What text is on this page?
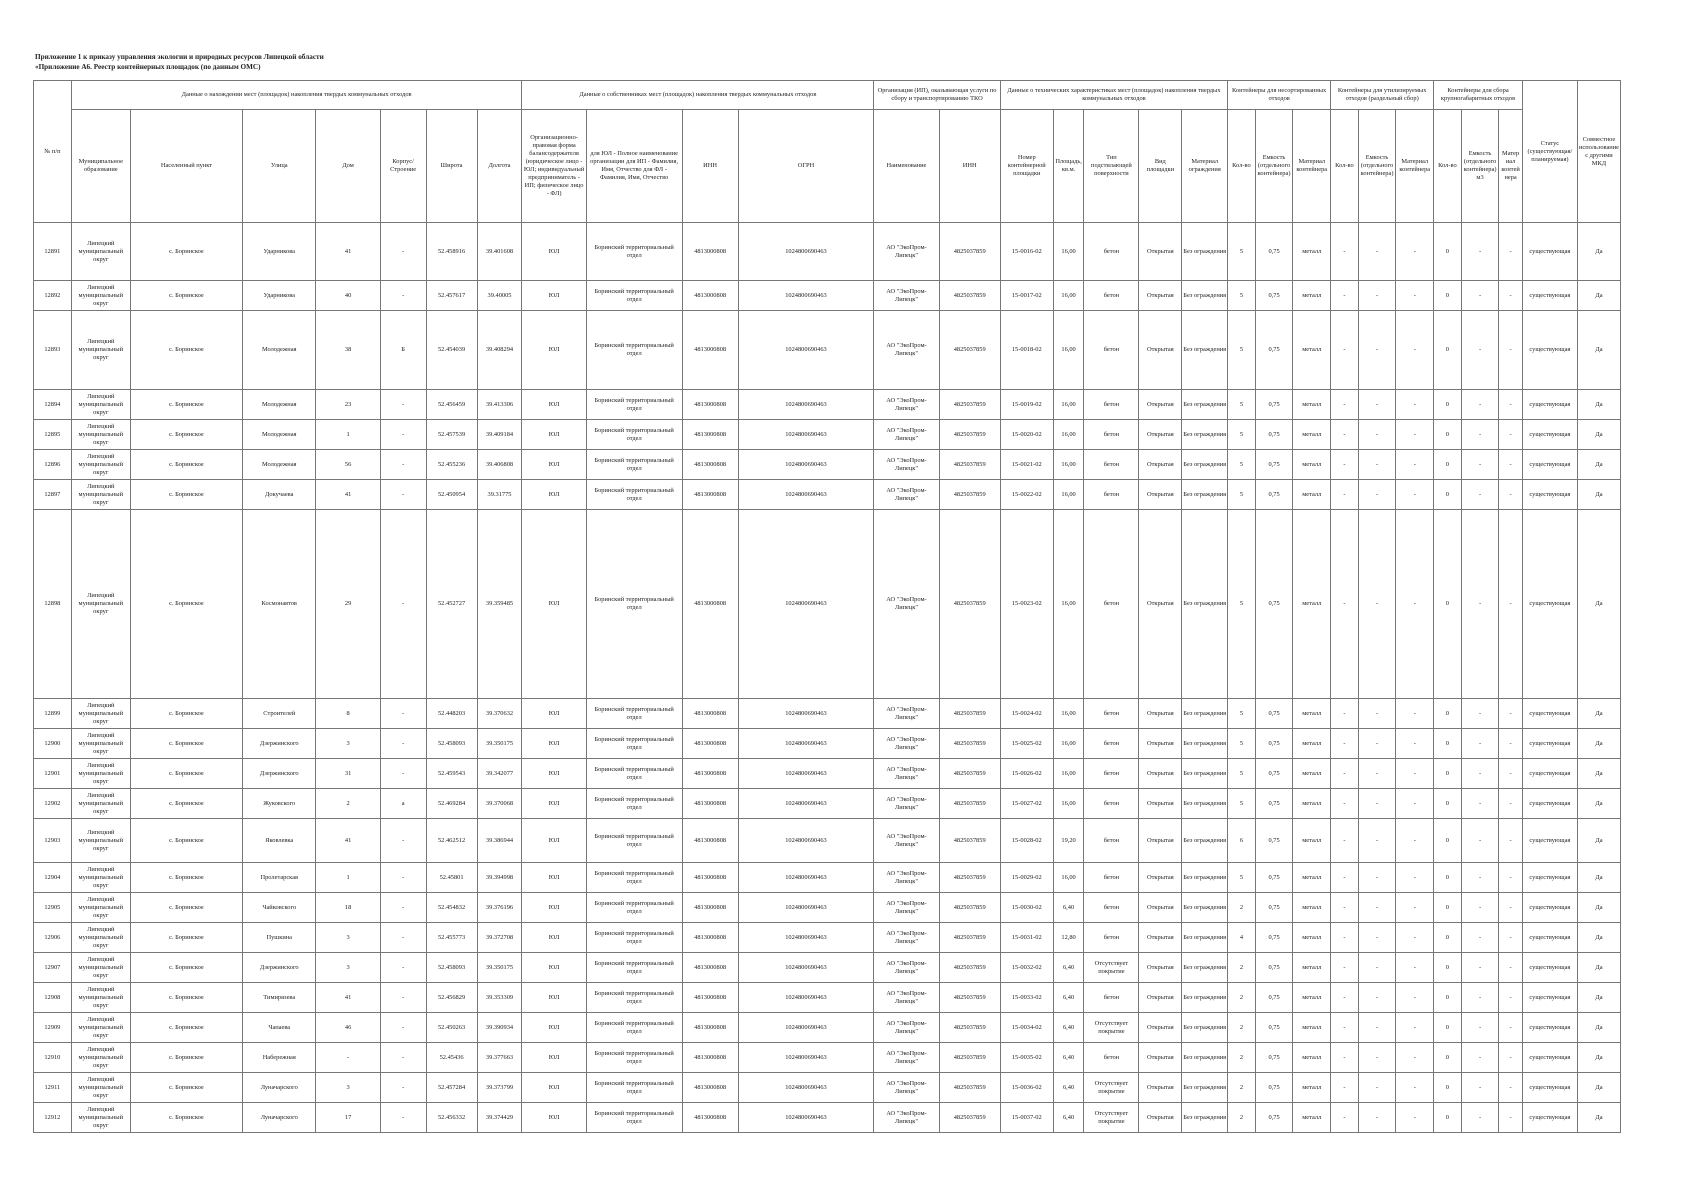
Приложение 1 к приказу управления экологии и природных ресурсов Липецкой области
«Приложение А6. Реестр контейнерных площадок (по данным ОМС)
№ п/п	Данные о нахождении мест (площадок) накопления твердых коммунальных отходов							Данные о собственниках мест (площадок) накопления твердых коммунальных отходов				Организация (ИП), оказывающая услуги по сбору и транспортированию ТКО		Данные о технических характеристиках мест (площадок) накопления твердых коммунальных отходов					Контейнеры для несортированных отходов			Контейнеры для утилизируемых отходов (раздельный сбор)			Контейнеры для сбора крупногабаритных отходов			Статус (существующая/ планируемая)	Совместное использование с другими МКД
	Муниципальное образование	Населенный пункт	Улица	Дом	Корпус/Строение	Широта	Долгота	Организационно-правовая форма балансодержателя (юридическое лицо - ЮЛ; индивидуальный предприниматель - ИП; физическое лицо - ФЛ)	для ЮЛ - Полное наименование организации для ИП - Фамилия, Имя, Отчество для ФЛ - Фамилия, Имя, Отчество	ИНН	ОГРН	Наименование	ИНН	Номер контейнерной площадки	Площадь, кв.м.	Тип подстилающей поверхности	Вид площадки	Материал ограждения	Кол-во	Емкость (отдельного контейнера)	Материал контейнера	Кол-во	Емкость (отдельного контейнера)	Материал контейнера	Кол-во	Емкость (отдельного контейнера) м3	Материал контейнера		
12891	Липецкий муниципальный округ	с. Боринское	Ударникова	41	-	52.458916	39.401608	ЮЛ	Боринский территориальный отдел	4813000808	1024800690463	АО "ЭкоПром-Липецк"	4825037859	15-0016-02	16,00	бетон	Открытая	Без ограждения	5	0,75	металл	-	-	-	0	-	-	существующая	Да
12892	Липецкий муниципальный округ	с. Боринское	Ударникова	40	-	52.457617	39.40005	ЮЛ	Боринский территориальный отдел	4813000808	1024800690463	АО "ЭкоПром-Липецк"	4825037859	15-0017-02	16,00	бетон	Открытая	Без ограждения	5	0,75	металл	-	-	-	0	-	-	существующая	Да
12893	Липецкий муниципальный округ	с. Боринское	Молодежная	38	Б	52.454039	39.408294	ЮЛ	Боринский территориальный отдел	4813000808	1024800690463	АО "ЭкоПром-Липецк"	4825037859	15-0018-02	16,00	бетон	Открытая	Без ограждения	5	0,75	металл	-	-	-	0	-	-	существующая	Да
12894	Липецкий муниципальный округ	с. Боринское	Молодежная	23	-	52.456459	39.413306	ЮЛ	Боринский территориальный отдел	4813000808	1024800690463	АО "ЭкоПром-Липецк"	4825037859	15-0019-02	16,00	бетон	Открытая	Без ограждения	5	0,75	металл	-	-	-	0	-	-	существующая	Да
12895	Липецкий муниципальный округ	с. Боринское	Молодежная	1	-	52.457539	39.409184	ЮЛ	Боринский территориальный отдел	4813000808	1024800690463	АО "ЭкоПром-Липецк"	4825037859	15-0020-02	16,00	бетон	Открытая	Без ограждения	5	0,75	металл	-	-	-	0	-	-	существующая	Да
12896	Липецкий муниципальный округ	с. Боринское	Молодежная	56	-	52.455236	39.406808	ЮЛ	Боринский территориальный отдел	4813000808	1024800690463	АО "ЭкоПром-Липецк"	4825037859	15-0021-02	16,00	бетон	Открытая	Без ограждения	5	0,75	металл	-	-	-	0	-	-	существующая	Да
12897	Липецкий муниципальный округ	с. Боринское	Докучаева	41	-	52.450954	39.31775	ЮЛ	Боринский территориальный отдел	4813000808	1024800690463	АО "ЭкоПром-Липецк"	4825037859	15-0022-02	16,00	бетон	Открытая	Без ограждения	5	0,75	металл	-	-	-	0	-	-	существующая	Да
12898	Липецкий муниципальный округ	с. Боринское	Космонавтов	29	-	52.452727	39.359485	ЮЛ	Боринский территориальный отдел	4813000808	1024800690463	АО "ЭкоПром-Липецк"	4825037859	15-0023-02	16,00	бетон	Открытая	Без ограждения	5	0,75	металл	-	-	-	0	-	-	существующая	Да
12899	Липецкий муниципальный округ	с. Боринское	Строителей	8	-	52.448203	39.370632	ЮЛ	Боринский территориальный отдел	4813000808	1024800690463	АО "ЭкоПром-Липецк"	4825037859	15-0024-02	16,00	бетон	Открытая	Без ограждения	5	0,75	металл	-	-	-	0	-	-	существующая	Да
12900	Липецкий муниципальный округ	с. Боринское	Дзержинского	3	-	52.458093	39.350175	ЮЛ	Боринский территориальный отдел	4813000808	1024800690463	АО "ЭкоПром-Липецк"	4825037859	15-0025-02	16,00	бетон	Открытая	Без ограждения	5	0,75	металл	-	-	-	0	-	-	существующая	Да
12901	Липецкий муниципальный округ	с. Боринское	Дзержинского	31	-	52.459543	39.342077	ЮЛ	Боринский территориальный отдел	4813000808	1024800690463	АО "ЭкоПром-Липецк"	4825037859	15-0026-02	16,00	бетон	Открытая	Без ограждения	5	0,75	металл	-	-	-	0	-	-	существующая	Да
12902	Липецкий муниципальный округ	с. Боринское	Жуковского	2	а	52.469284	39.370068	ЮЛ	Боринский территориальный отдел	4813000808	1024800690463	АО "ЭкоПром-Липецк"	4825037859	15-0027-02	16,00	бетон	Открытая	Без ограждения	5	0,75	металл	-	-	-	0	-	-	существующая	Да
12903	Липецкий муниципальный округ	с. Боринское	Яковлевка	41	-	52.462512	39.386944	ЮЛ	Боринский территориальный отдел	4813000808	1024800690463	АО "ЭкоПром-Липецк"	4825037859	15-0028-02	19,20	бетон	Открытая	Без ограждения	6	0,75	металл	-	-	-	0	-	-	существующая	Да
12904	Липецкий муниципальный округ	с. Боринское	Пролетарская	1	-	52.45801	39.394998	ЮЛ	Боринский территориальный отдел	4813000808	1024800690463	АО "ЭкоПром-Липецк"	4825037859	15-0029-02	16,00	бетон	Открытая	Без ограждения	5	0,75	металл	-	-	-	0	-	-	существующая	Да
12905	Липецкий муниципальный округ	с. Боринское	Чайковского	18	-	52.454832	39.376196	ЮЛ	Боринский территориальный отдел	4813000808	1024800690463	АО "ЭкоПром-Липецк"	4825037859	15-0030-02	6,40	бетон	Открытая	Без ограждения	2	0,75	металл	-	-	-	0	-	-	существующая	Да
12906	Липецкий муниципальный округ	с. Боринское	Пушкина	3	-	52.455773	39.372708	ЮЛ	Боринский территориальный отдел	4813000808	1024800690463	АО "ЭкоПром-Липецк"	4825037859	15-0031-02	12,80	бетон	Открытая	Без ограждения	4	0,75	металл	-	-	-	0	-	-	существующая	Да
12907	Липецкий муниципальный округ	с. Боринское	Дзержинского	3	-	52.458093	39.350175	ЮЛ	Боринский территориальный отдел	4813000808	1024800690463	АО "ЭкоПром-Липецк"	4825037859	15-0032-02	6,40	Отсутствует покрытие	Открытая	Без ограждения	2	0,75	металл	-	-	-	0	-	-	существующая	Да
12908	Липецкий муниципальный округ	с. Боринское	Тимирязева	41	-	52.456829	39.353309	ЮЛ	Боринский территориальный отдел	4813000808	1024800690463	АО "ЭкоПром-Липецк"	4825037859	15-0033-02	6,40	бетон	Открытая	Без ограждения	2	0,75	металл	-	-	-	0	-	-	существующая	Да
12909	Липецкий муниципальный округ	с. Боринское	Чапаева	46	-	52.450263	39.390934	ЮЛ	Боринский территориальный отдел	4813000808	1024800690463	АО "ЭкоПром-Липецк"	4825037859	15-0034-02	6,40	Отсутствует покрытие	Открытая	Без ограждения	2	0,75	металл	-	-	-	0	-	-	существующая	Да
12910	Липецкий муниципальный округ	с. Боринское	Набережная	-	-	52.45436	39.377663	ЮЛ	Боринский территориальный отдел	4813000808	1024800690463	АО "ЭкоПром-Липецк"	4825037859	15-0035-02	6,40	бетон	Открытая	Без ограждения	2	0,75	металл	-	-	-	0	-	-	существующая	Да
12911	Липецкий муниципальный округ	с. Боринское	Луначарского	3	-	52.457284	39.373799	ЮЛ	Боринский территориальный отдел	4813000808	1024800690463	АО "ЭкоПром-Липецк"	4825037859	15-0036-02	6,40	Отсутствует покрытие	Открытая	Без ограждения	2	0,75	металл	-	-	-	0	-	-	существующая	Да
12912	Липецкий муниципальный округ	с. Боринское	Луначарского	17	-	52.456332	39.374429	ЮЛ	Боринский территориальный отдел	4813000808	1024800690463	АО "ЭкоПром-Липецк"	4825037859	15-0037-02	6,40	Отсутствует покрытие	Открытая	Без ограждения	2	0,75	металл	-	-	-	0	-	-	существующая	Да
